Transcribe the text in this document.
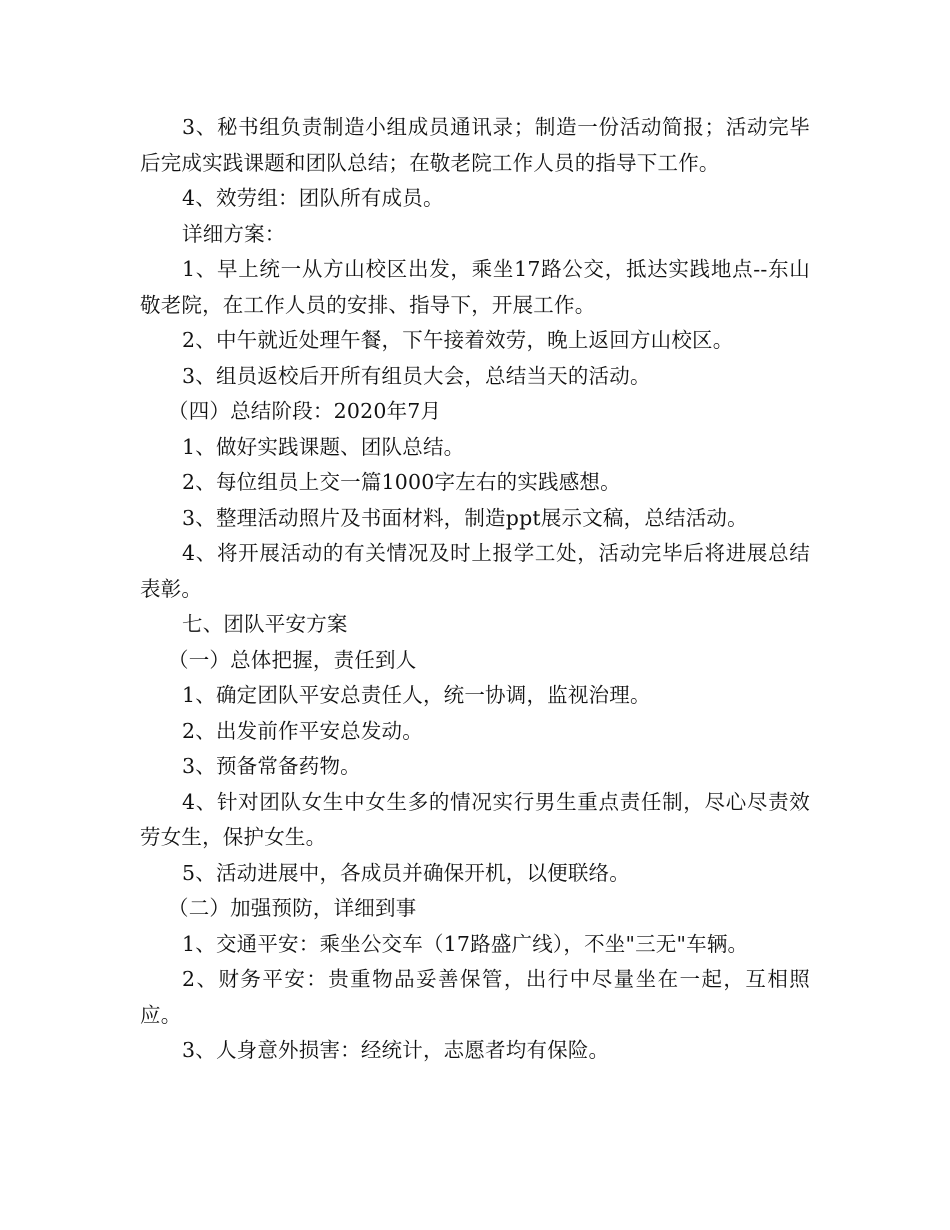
3、秘书组负责制造小组成员通讯录；制造一份活动简报；活动完毕后完成实践课题和团队总结；在敬老院工作人员的指导下工作。

4、效劳组：团队所有成员。

详细方案：

1、早上统一从方山校区出发，乘坐17路公交，抵达实践地点--东山敬老院，在工作人员的安排、指导下，开展工作。

2、中午就近处理午餐，下午接着效劳，晚上返回方山校区。

3、组员返校后开所有组员大会，总结当天的活动。

（四）总结阶段：2020年7月

1、做好实践课题、团队总结。

2、每位组员上交一篇1000字左右的实践感想。

3、整理活动照片及书面材料，制造ppt展示文稿，总结活动。

4、将开展活动的有关情况及时上报学工处，活动完毕后将进展总结表彰。

七、团队平安方案

（一）总体把握，责任到人

1、确定团队平安总责任人，统一协调，监视治理。

2、出发前作平安总发动。

3、预备常备药物。

4、针对团队女生中女生多的情况实行男生重点责任制，尽心尽责效劳女生，保护女生。

5、活动进展中，各成员并确保开机，以便联络。

（二）加强预防，详细到事

1、交通平安：乘坐公交车（17路盛广线），不坐"三无"车辆。

2、财务平安：贵重物品妥善保管，出行中尽量坐在一起，互相照应。

3、人身意外损害：经统计，志愿者均有保险。
